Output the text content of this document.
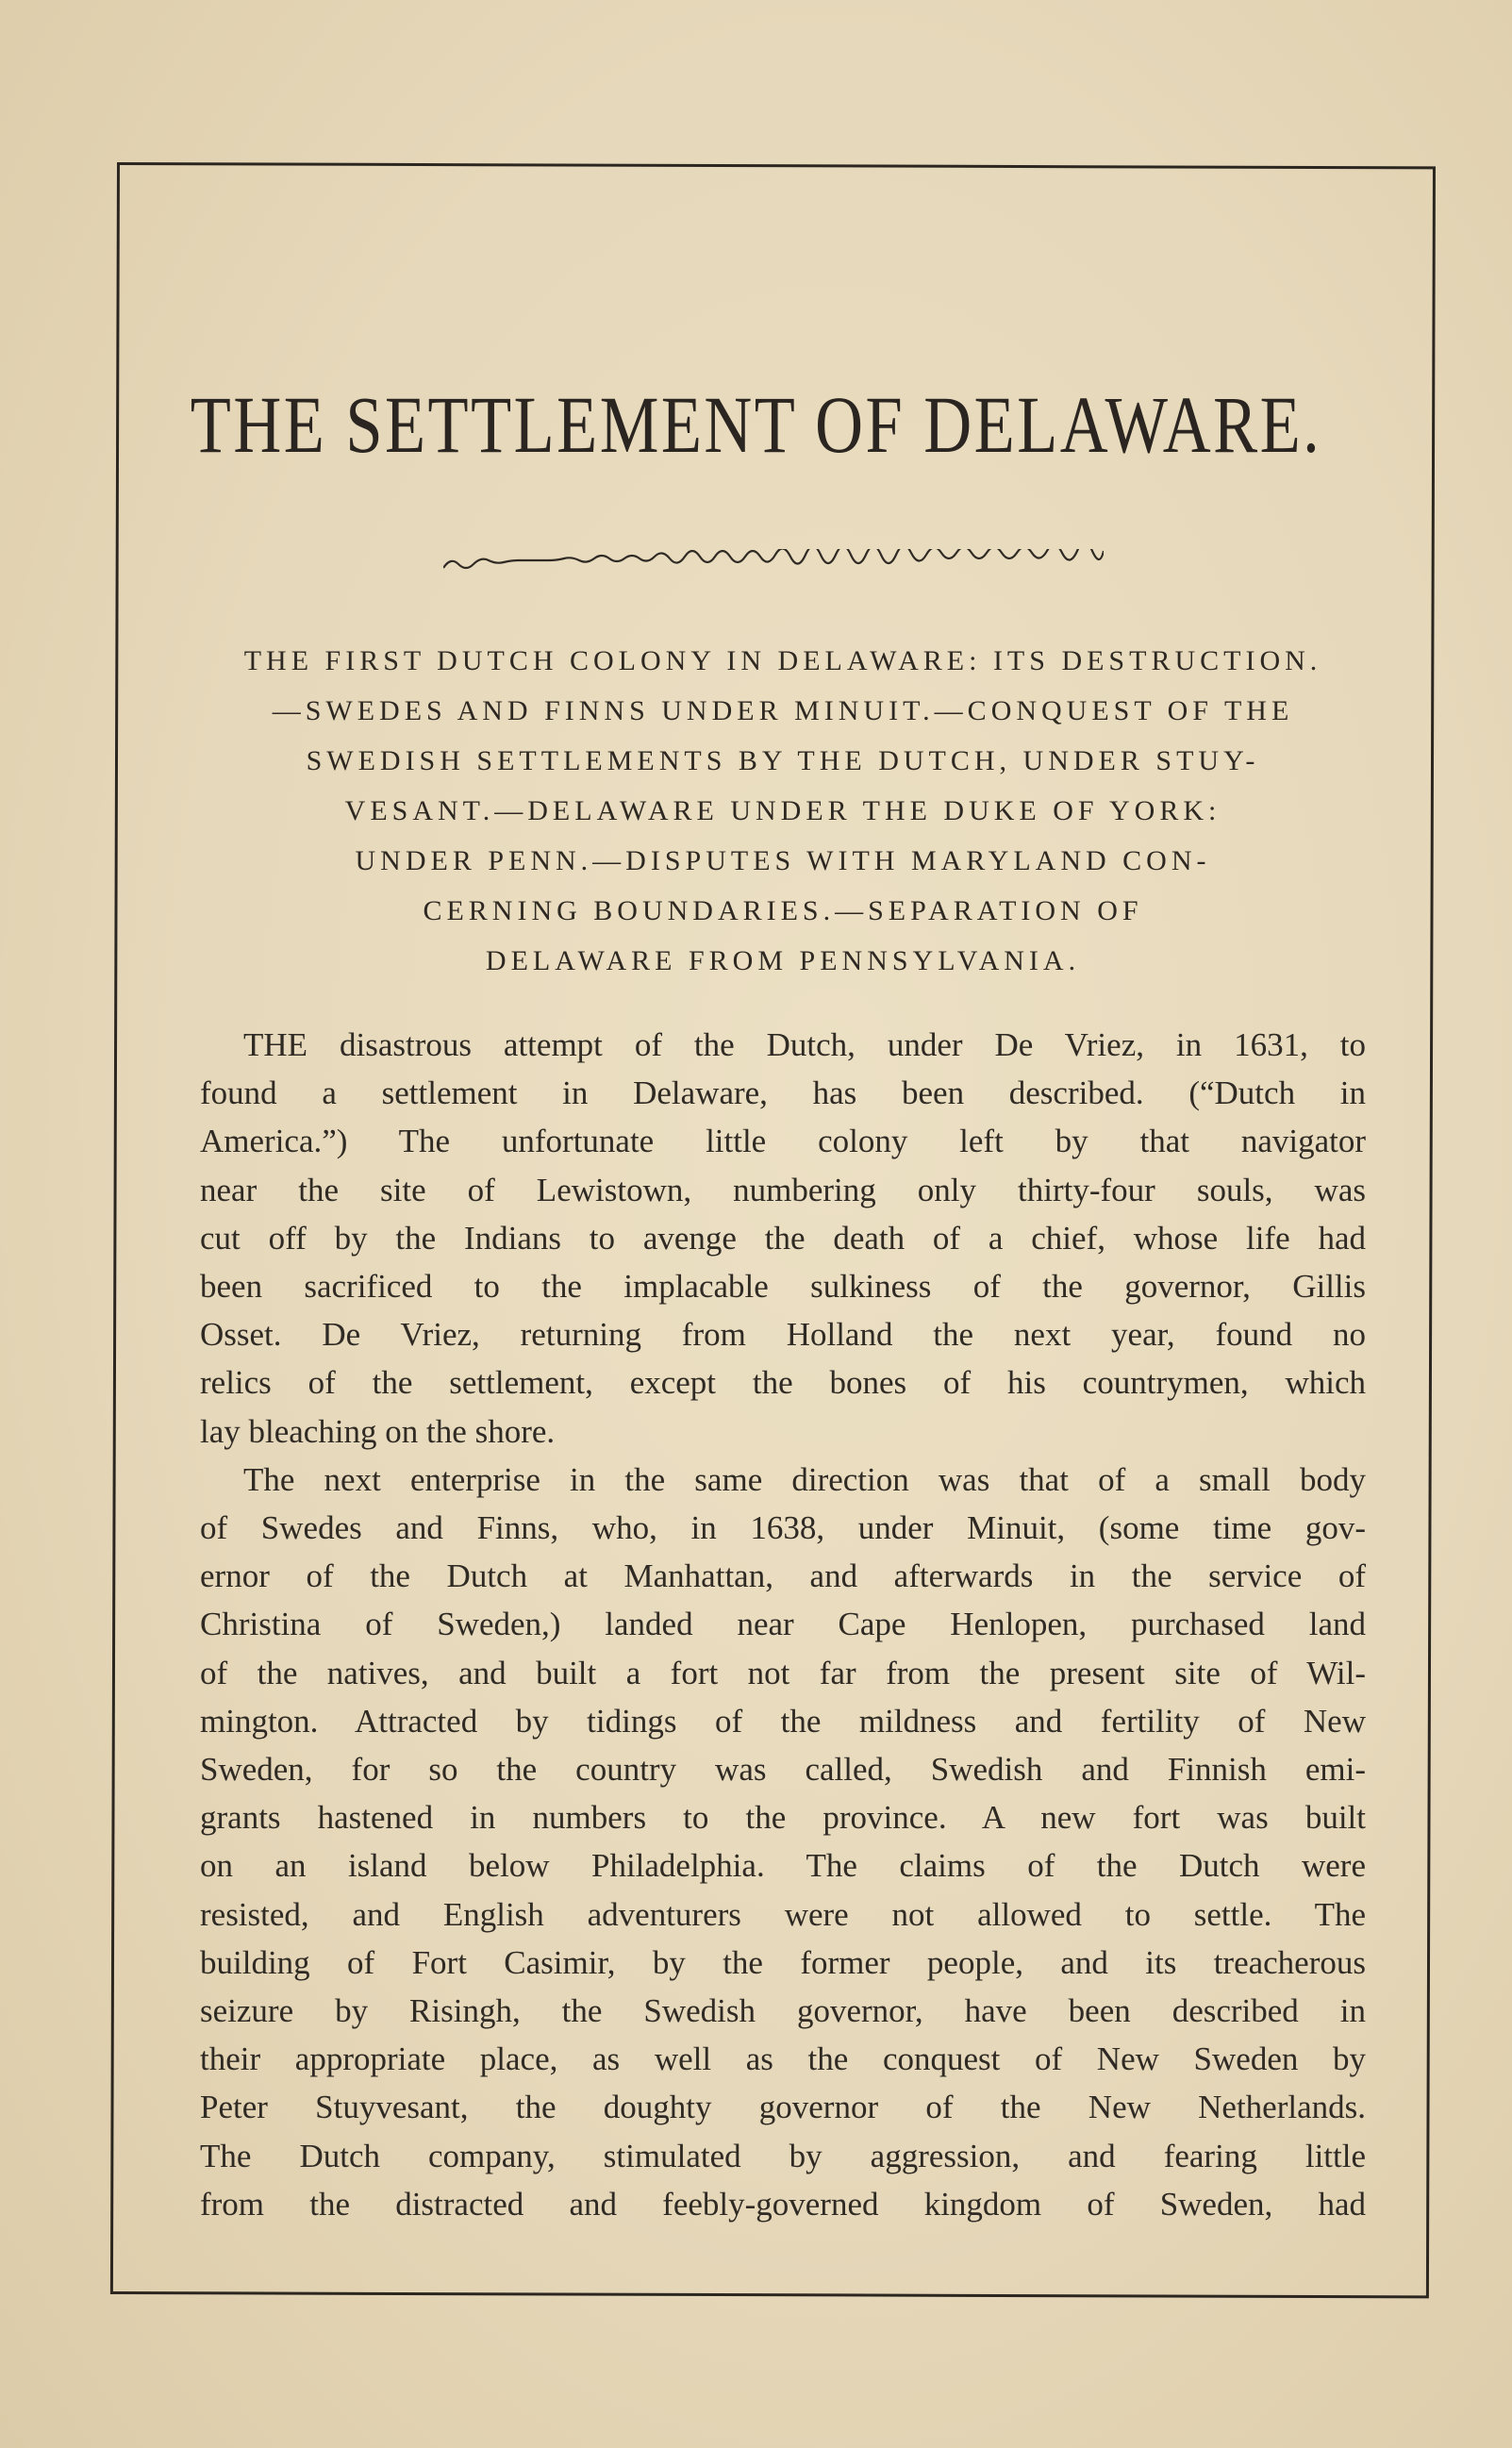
THE SETTLEMENT OF DELAWARE.
THE FIRST DUTCH COLONY IN DELAWARE: ITS DESTRUCTION.
—SWEDES AND FINNS UNDER MINUIT.—CONQUEST OF THE
SWEDISH SETTLEMENTS BY THE DUTCH, UNDER STUY-
VESANT.—DELAWARE UNDER THE DUKE OF YORK:
UNDER PENN.—DISPUTES WITH MARYLAND CON-
CERNING BOUNDARIES.—SEPARATION OF
DELAWARE FROM PENNSYLVANIA.
THE disastrous attempt of the Dutch, under De Vriez, in 1631, to
found a settlement in Delaware, has been described. (“Dutch in
America.”) The unfortunate little colony left by that navigator
near the site of Lewistown, numbering only thirty-four souls, was
cut off by the Indians to avenge the death of a chief, whose life had
been sacrificed to the implacable sulkiness of the governor, Gillis
Osset. De Vriez, returning from Holland the next year, found no
relics of the settlement, except the bones of his countrymen, which
lay bleaching on the shore.
The next enterprise in the same direction was that of a small body
of Swedes and Finns, who, in 1638, under Minuit, (some time gov-
ernor of the Dutch at Manhattan, and afterwards in the service of
Christina of Sweden,) landed near Cape Henlopen, purchased land
of the natives, and built a fort not far from the present site of Wil-
mington. Attracted by tidings of the mildness and fertility of New
Sweden, for so the country was called, Swedish and Finnish emi-
grants hastened in numbers to the province. A new fort was built
on an island below Philadelphia. The claims of the Dutch were
resisted, and English adventurers were not allowed to settle. The
building of Fort Casimir, by the former people, and its treacherous
seizure by Risingh, the Swedish governor, have been described in
their appropriate place, as well as the conquest of New Sweden by
Peter Stuyvesant, the doughty governor of the New Netherlands.
The Dutch company, stimulated by aggression, and fearing little
from the distracted and feebly-governed kingdom of Sweden, had
